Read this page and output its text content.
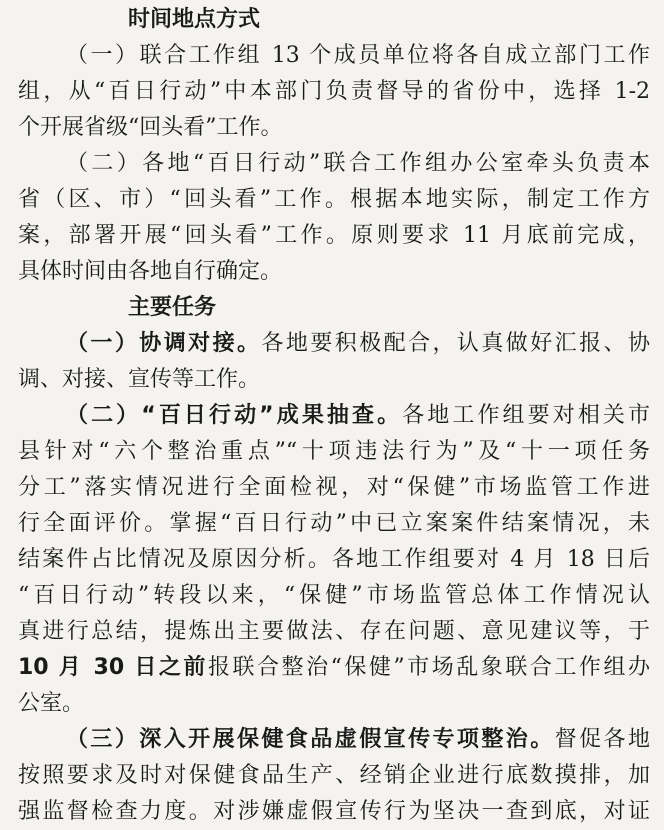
时间地点方式
（一）联合工作组 13 个成员单位将各自成立部门工作
组，从“百日行动”中本部门负责督导的省份中，选择 1-2
个开展省级“回头看”工作。
（二）各地“百日行动”联合工作组办公室牵头负责本
省（区、市）“回头看”工作。根据本地实际，制定工作方
案，部署开展“回头看”工作。原则要求 11 月底前完成，
具体时间由各地自行确定。
主要任务
（一）协调对接。各地要积极配合，认真做好汇报、协
调、对接、宣传等工作。
（二）“百日行动”成果抽查。各地工作组要对相关市
县针对“六个整治重点”“十项违法行为”及“十一项任务
分工”落实情况进行全面检视，对“保健”市场监管工作进
行全面评价。掌握“百日行动”中已立案案件结案情况，未
结案件占比情况及原因分析。各地工作组要对 4 月 18 日后
“百日行动”转段以来，“保健”市场监管总体工作情况认
真进行总结，提炼出主要做法、存在问题、意见建议等，于
10 月 30 日之前报联合整治“保健”市场乱象联合工作组办
公室。
（三）深入开展保健食品虚假宣传专项整治。督促各地
按照要求及时对保健食品生产、经销企业进行底数摸排，加
强监督检查力度。对涉嫌虚假宣传行为坚决一查到底，对证
